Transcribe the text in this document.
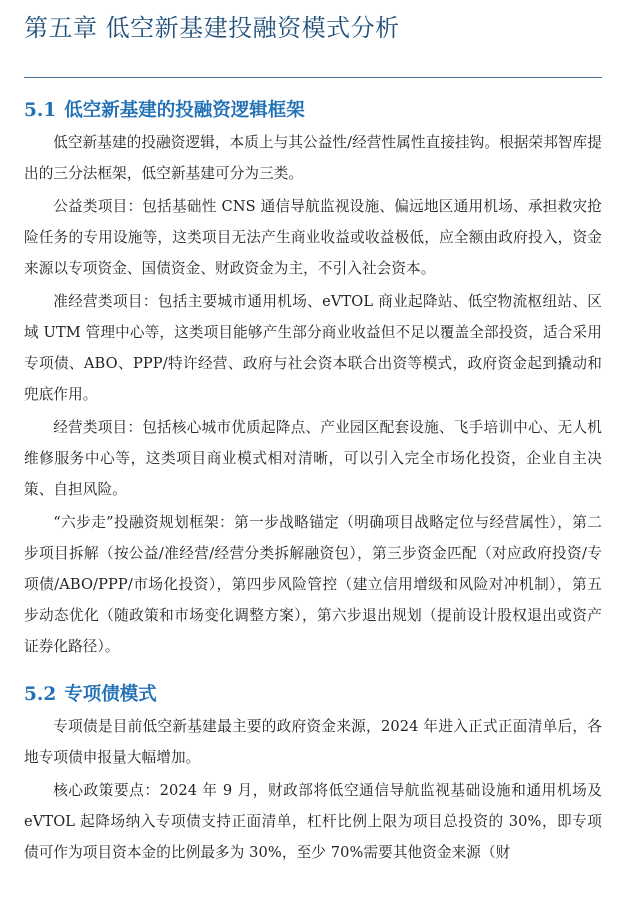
第五章 低空新基建投融资模式分析
5.1 低空新基建的投融资逻辑框架

低空新基建的投融资逻辑，本质上与其公益性/经营性属性直接挂钩。根据荣邦智库提出的三分法框架，低空新基建可分为三类。

公益类项目：包括基础性 CNS 通信导航监视设施、偏远地区通用机场、承担救灾抢险任务的专用设施等，这类项目无法产生商业收益或收益极低，应全额由政府投入，资金来源以专项资金、国债资金、财政资金为主，不引入社会资本。

准经营类项目：包括主要城市通用机场、eVTOL 商业起降站、低空物流枢纽站、区域 UTM 管理中心等，这类项目能够产生部分商业收益但不足以覆盖全部投资，适合采用专项债、ABO、PPP/特许经营、政府与社会资本联合出资等模式，政府资金起到撬动和兜底作用。

经营类项目：包括核心城市优质起降点、产业园区配套设施、飞手培训中心、无人机维修服务中心等，这类项目商业模式相对清晰，可以引入完全市场化投资，企业自主决策、自担风险。

“六步走”投融资规划框架：第一步战略锚定（明确项目战略定位与经营属性），第二步项目拆解（按公益/准经营/经营分类拆解融资包），第三步资金匹配（对应政府投资/专项债/ABO/PPP/市场化投资），第四步风险管控（建立信用增级和风险对冲机制），第五步动态优化（随政策和市场变化调整方案），第六步退出规划（提前设计股权退出或资产证券化路径）。

5.2 专项债模式

专项债是目前低空新基建最主要的政府资金来源，2024 年进入正式正面清单后，各地专项债申报量大幅增加。

核心政策要点：2024 年 9 月，财政部将低空通信导航监视基础设施和通用机场及 eVTOL 起降场纳入专项债支持正面清单，杠杆比例上限为项目总投资的 30%，即专项债可作为项目资本金的比例最多为 30%，至少 70%需要其他资金来源（财
